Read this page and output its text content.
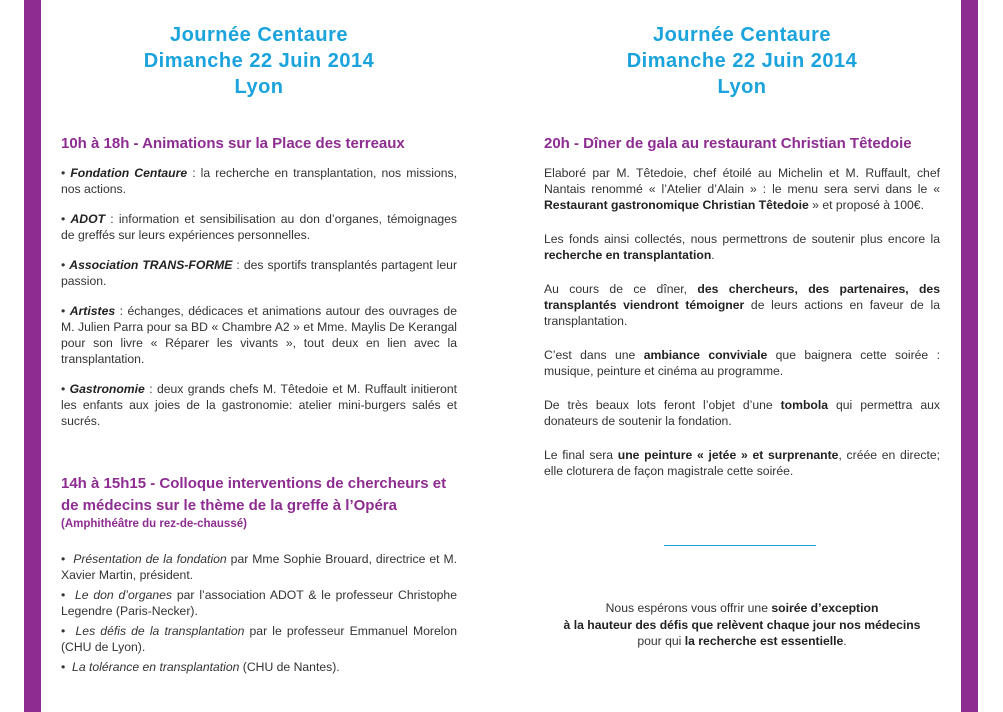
Journée Centaure
Dimanche 22 Juin 2014
Lyon
10h à 18h - Animations sur la Place des terreaux
• Fondation Centaure : la recherche en transplantation, nos missions, nos actions.
• ADOT : information et sensibilisation au don d’organes, témoignages de greffés sur leurs expériences personnelles.
• Association TRANS-FORME : des sportifs transplantés partagent leur passion.
• Artistes : échanges, dédicaces et animations autour des ouvrages de M. Julien Parra pour sa BD « Chambre A2 » et Mme. Maylis De Kerangal pour son livre « Réparer les vivants », tout deux en lien avec la transplantation.
• Gastronomie : deux grands chefs M. Têtedoie et M. Ruffault initieront les enfants aux joies de la gastronomie: atelier mini-burgers salés et sucrés.
14h à 15h15 - Colloque interventions de chercheurs et de médecins sur le thème de la greffe à l’Opéra
(Amphithéâtre du rez-de-chaussé)
•  Présentation de la fondation par Mme Sophie Brouard, directrice et M. Xavier Martin, président.
•  Le don d’organes par l’association ADOT & le professeur Christophe Legendre (Paris-Necker).
•  Les défis de la transplantation par le professeur Emmanuel Morelon (CHU de Lyon).
•  La tolérance en transplantation (CHU de Nantes).
Journée Centaure
Dimanche 22 Juin 2014
Lyon
20h - Dîner de gala au restaurant Christian Têtedoie

Elaboré par M. Têtedoie, chef étoilé au Michelin et M. Ruffault, chef Nantais renommé « l’Atelier d’Alain » : le menu sera servi dans le « Restaurant gastronomique Christian Têtedoie » et proposé à 100€.

Les fonds ainsi collectés, nous permettrons de soutenir plus encore la recherche en transplantation.

Au cours de ce dîner, des chercheurs, des partenaires, des transplantés viendront témoigner de leurs actions en faveur de la transplantation.

C’est dans une ambiance conviviale que baignera cette soirée : musique, peinture et cinéma au programme.

De très beaux lots feront l’objet d’une tombola qui permettra aux donateurs de soutenir la fondation.

Le final sera une peinture « jetée » et surprenante, créée en directe; elle cloturera de façon magistrale cette soirée.

Nous espérons vous offrir une soirée d’exception
à la hauteur des défis que relèvent chaque jour nos médecins
pour qui la recherche est essentielle.
